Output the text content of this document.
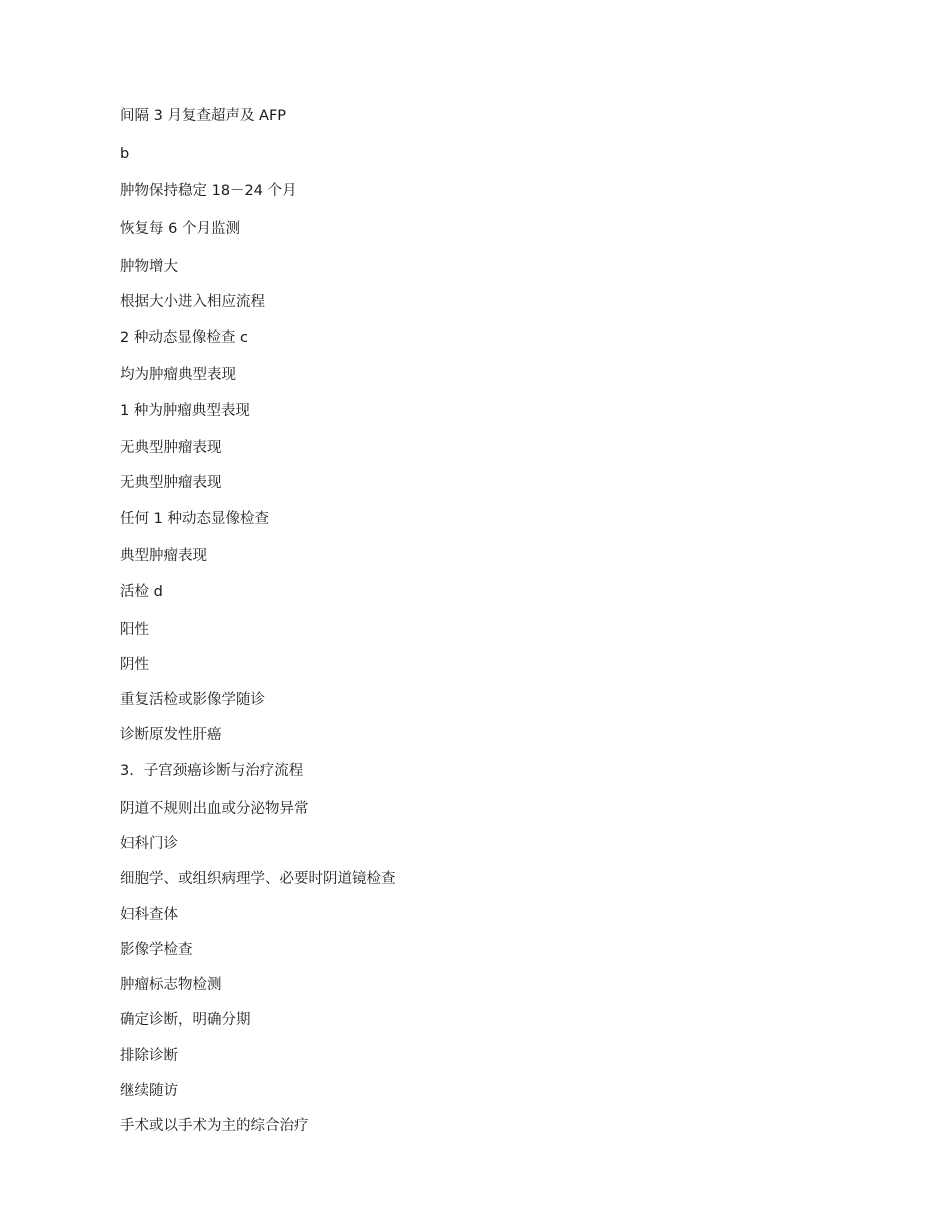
间隔 3 月复查超声及 AFP
b
肿物保持稳定 18－24 个月
恢复每 6 个月监测
肿物增大
根据大小进入相应流程
2 种动态显像检查 c
均为肿瘤典型表现
1 种为肿瘤典型表现
无典型肿瘤表现
无典型肿瘤表现
任何 1 种动态显像检查
典型肿瘤表现
活检 d
阳性
阴性
重复活检或影像学随诊
诊断原发性肝癌
3．子宫颈癌诊断与治疗流程
阴道不规则出血或分泌物异常
妇科门诊
细胞学、或组织病理学、必要时阴道镜检查
妇科查体
影像学检查
肿瘤标志物检测
确定诊断，明确分期
排除诊断
继续随访
手术或以手术为主的综合治疗
